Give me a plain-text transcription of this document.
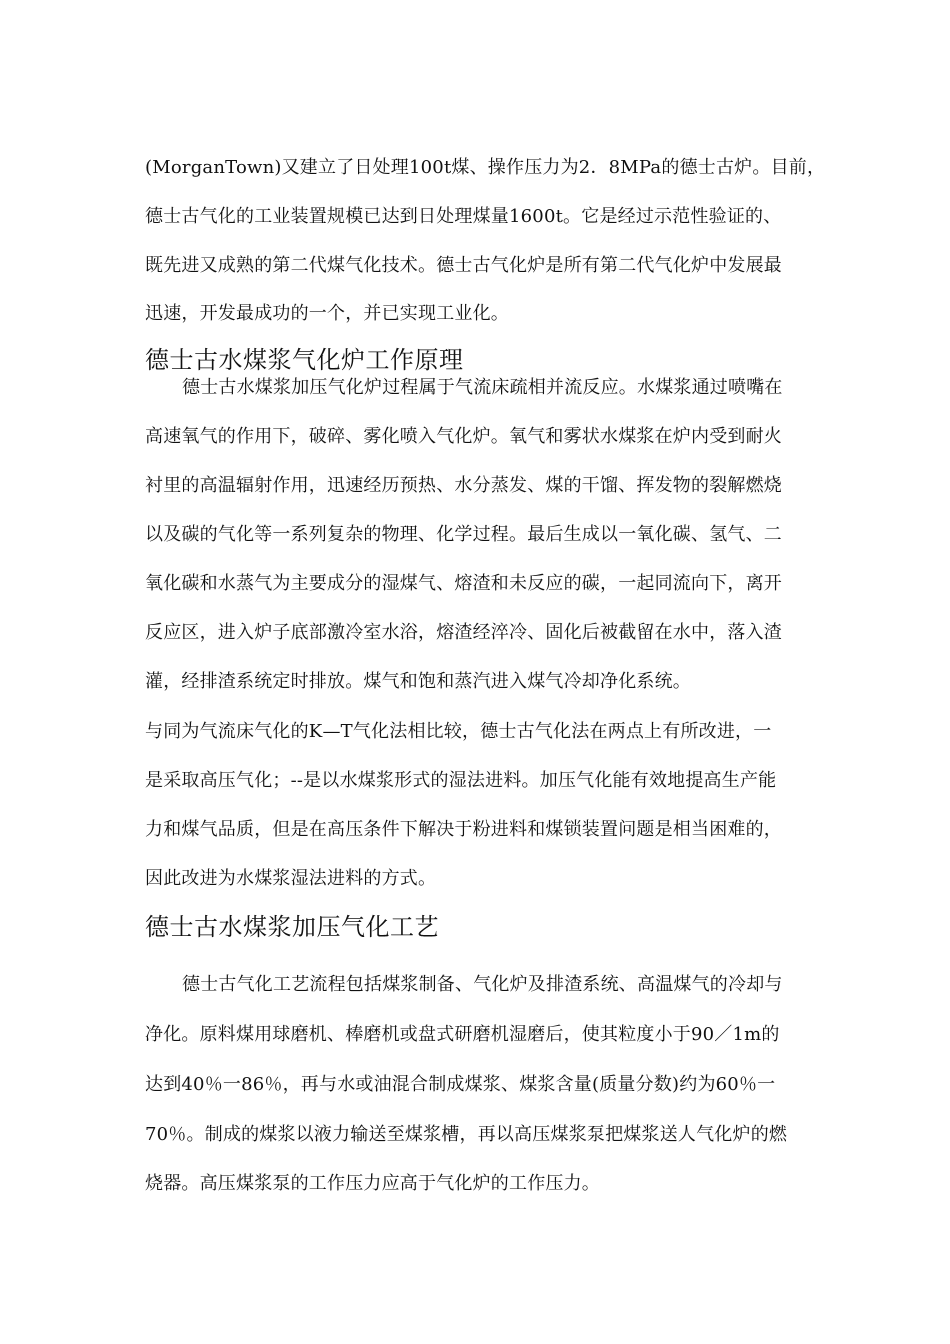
(MorganTown)又建立了日处理100t煤、操作压力为2．8MPa的德士古炉。目前，
德士古气化的工业装置规模已达到日处理煤量1600t。它是经过示范性验证的、
既先进又成熟的第二代煤气化技术。德士古气化炉是所有第二代气化炉中发展最
迅速，开发最成功的一个，并已实现工业化。
德士古水煤浆气化炉工作原理
德士古水煤浆加压气化炉过程属于气流床疏相并流反应。水煤浆通过喷嘴在
高速氧气的作用下，破碎、雾化喷入气化炉。氧气和雾状水煤浆在炉内受到耐火
衬里的高温辐射作用，迅速经历预热、水分蒸发、煤的干馏、挥发物的裂解燃烧
以及碳的气化等一系列复杂的物理、化学过程。最后生成以一氧化碳、氢气、二
氧化碳和水蒸气为主要成分的湿煤气、熔渣和未反应的碳，一起同流向下，离开
反应区，进入炉子底部激冷室水浴，熔渣经淬冷、固化后被截留在水中，落入渣
灌，经排渣系统定时排放。煤气和饱和蒸汽进入煤气冷却净化系统。
与同为气流床气化的K—T气化法相比较，德士古气化法在两点上有所改进，一
是采取高压气化；--是以水煤浆形式的湿法进料。加压气化能有效地提高生产能
力和煤气品质，但是在高压条件下解决于粉进料和煤锁装置问题是相当困难的，
因此改进为水煤浆湿法进料的方式。
德士古水煤浆加压气化工艺
德士古气化工艺流程包括煤浆制备、气化炉及排渣系统、高温煤气的冷却与
净化。原料煤用球磨机、棒磨机或盘式研磨机湿磨后，使其粒度小于90／1m的
达到40％一86％，再与水或油混合制成煤浆、煤浆含量(质量分数)约为60％一
70％。制成的煤浆以液力输送至煤浆槽，再以高压煤浆泵把煤浆送人气化炉的燃
烧器。高压煤浆泵的工作压力应高于气化炉的工作压力。
